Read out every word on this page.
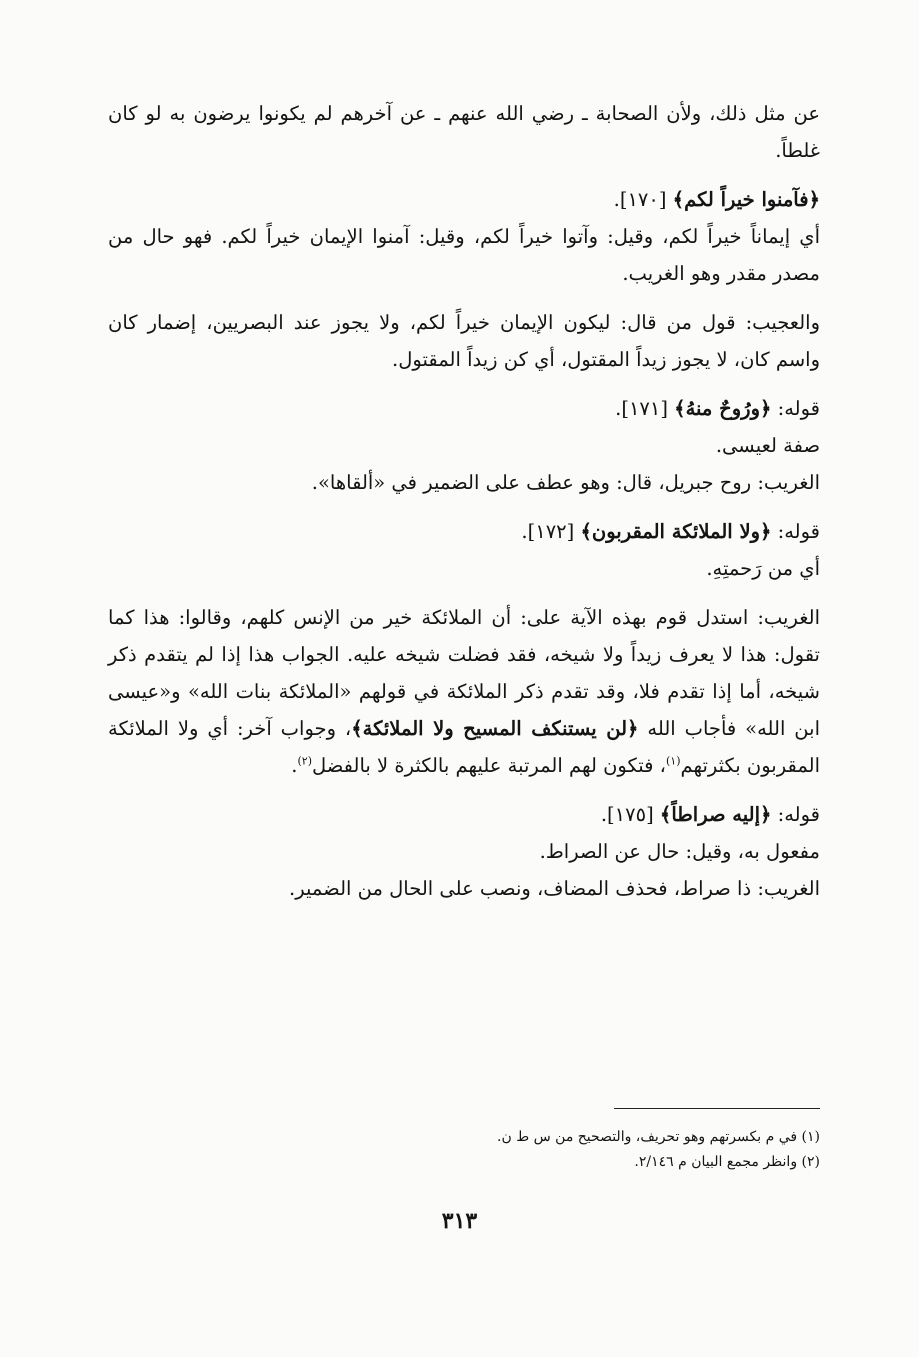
عن مثل ذلك، ولأن الصحابة ـ رضي الله عنهم ـ عن آخرهم لم يكونوا يرضون به لو كان غلطاً.

﴿فآمنوا خيراً لكم﴾ [١٧٠].

أي إيماناً خيراً لكم، وقيل: وآتوا خيراً لكم، وقيل: آمنوا الإيمان خيراً لكم. فهو حال من مصدر مقدر وهو الغريب.

والعجيب: قول من قال: ليكون الإيمان خيراً لكم، ولا يجوز عند البصريين، إضمار كان واسم كان، لا يجوز زيداً المقتول، أي كن زيداً المقتول.

قوله: ﴿ورُوحٌ منهُ﴾ [١٧١].

صفة لعيسى.

الغريب: روح جبريل، قال: وهو عطف على الضمير في «ألقاها».

قوله: ﴿ولا الملائكة المقربون﴾ [١٧٢].

أي من رَحمتِهِ.

الغريب: استدل قوم بهذه الآية على: أن الملائكة خير من الإنس كلهم، وقالوا: هذا كما تقول: هذا لا يعرف زيداً ولا شيخه، فقد فضلت شيخه عليه. الجواب هذا إذا لم يتقدم ذكر شيخه، أما إذا تقدم فلا، وقد تقدم ذكر الملائكة في قولهم «الملائكة بنات الله» و«عيسى ابن الله» فأجاب الله ﴿لن يستنكف المسيح ولا الملائكة﴾، وجواب آخر: أي ولا الملائكة المقربون بكثرتهم$^{(١)}$، فتكون لهم المرتبة عليهم بالكثرة لا بالفضل$^{(٢)}$.

قوله: ﴿إليه صراطاً﴾ [١٧٥].

مفعول به، وقيل: حال عن الصراط.

الغريب: ذا صراط، فحذف المضاف، ونصب على الحال من الضمير.

(١) في م بكسرتهم وهو تحريف، والتصحيح من س ط ن.

(٢) وانظر مجمع البيان م ٢/١٤٦.

٣١٣
